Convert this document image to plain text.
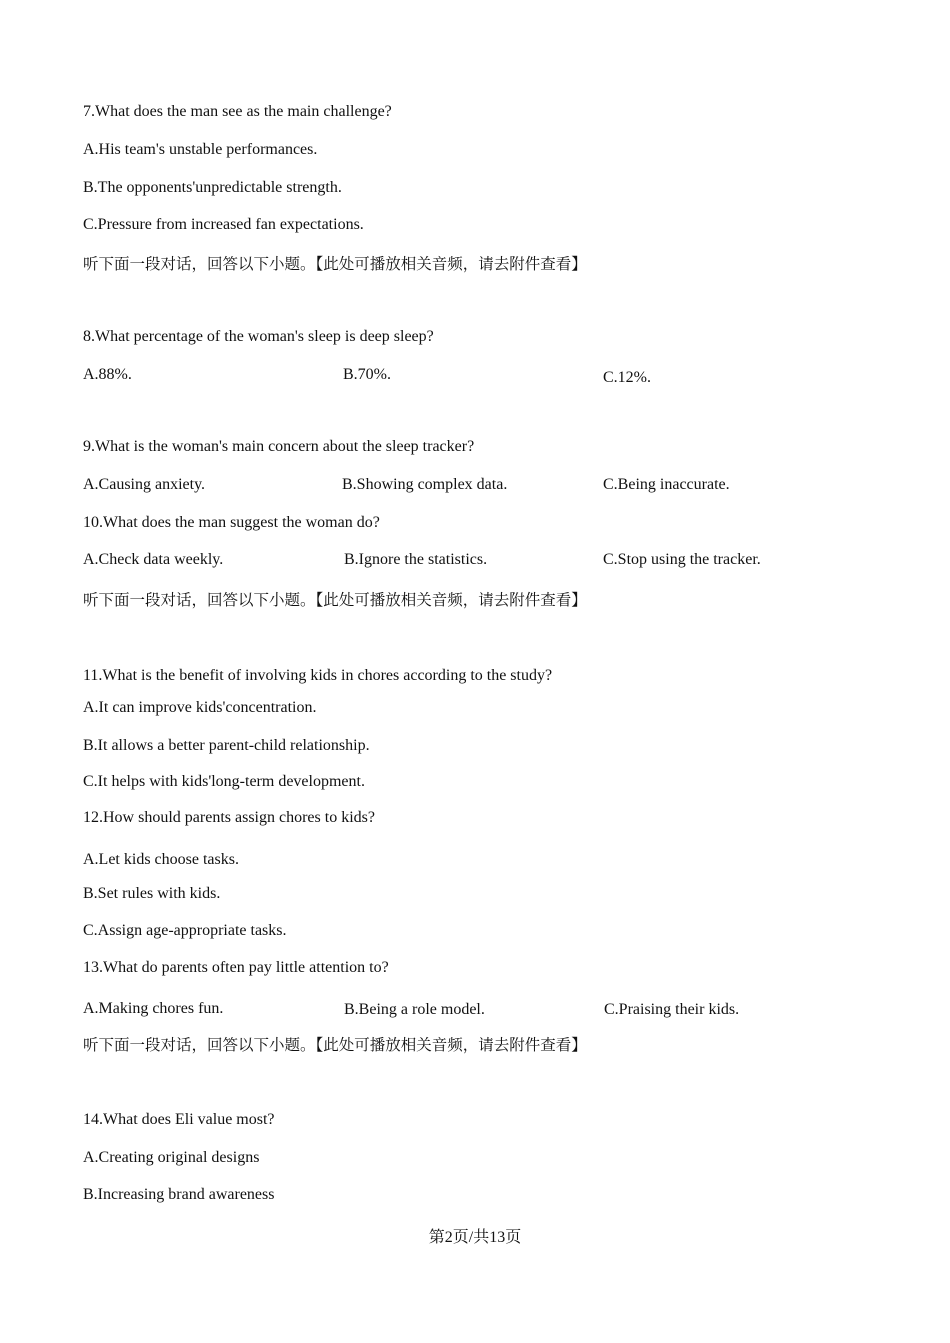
7.What does the man see as the main challenge?
A.His team's unstable performances.
B.The opponents'unpredictable strength.
C.Pressure from increased fan expectations.
听下面一段对话，回答以下小题。【此处可播放相关音频，请去附件查看】
8.What percentage of the woman's sleep is deep sleep?
A.88%.	B.70%.	C.12%.
9.What is the woman's main concern about the sleep tracker?
A.Causing anxiety.	B.Showing complex data.	C.Being inaccurate.
10.What does the man suggest the woman do?
A.Check data weekly.	B.Ignore the statistics.	C.Stop using the tracker.
听下面一段对话，回答以下小题。【此处可播放相关音频，请去附件查看】
11.What is the benefit of involving kids in chores according to the study?
A.It can improve kids'concentration.
B.It allows a better parent-child relationship.
C.It helps with kids'long-term development.
12.How should parents assign chores to kids?
A.Let kids choose tasks.
B.Set rules with kids.
C.Assign age-appropriate tasks.
13.What do parents often pay little attention to?
A.Making chores fun.	B.Being a role model.	C.Praising their kids.
听下面一段对话，回答以下小题。【此处可播放相关音频，请去附件查看】
14.What does Eli value most?
A.Creating original designs
B.Increasing brand awareness
第2页/共13页
